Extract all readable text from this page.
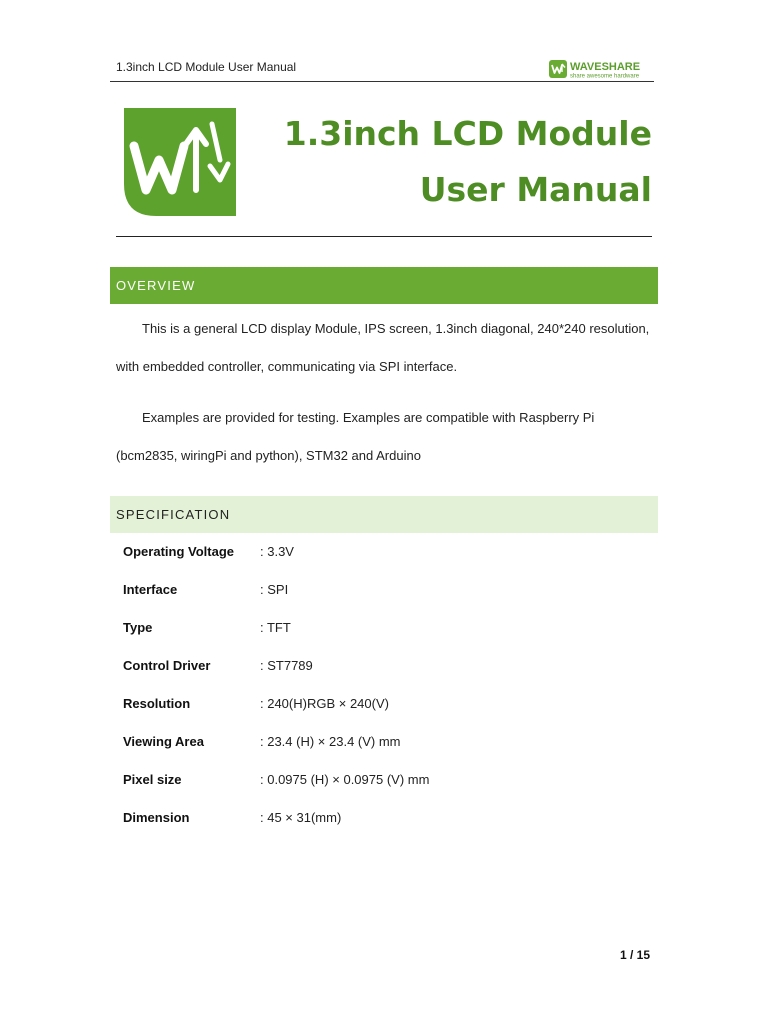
1.3inch LCD Module User Manual	WAVESHARE
share awesome hardware
1.3inch LCD Module
User Manual
OVERVIEW
This is a general LCD display Module, IPS screen, 1.3inch diagonal, 240*240 resolution, with embedded controller, communicating via SPI interface.
Examples are provided for testing. Examples are compatible with Raspberry Pi (bcm2835, wiringPi and python), STM32 and Arduino
SPECIFICATION
Operating Voltage	: 3.3V
Interface	: SPI
Type	: TFT
Control Driver	: ST7789
Resolution	: 240(H)RGB × 240(V)
Viewing Area	: 23.4 (H) × 23.4 (V) mm
Pixel size	: 0.0975 (H) × 0.0975 (V) mm
Dimension	: 45 × 31(mm)
1 / 15
